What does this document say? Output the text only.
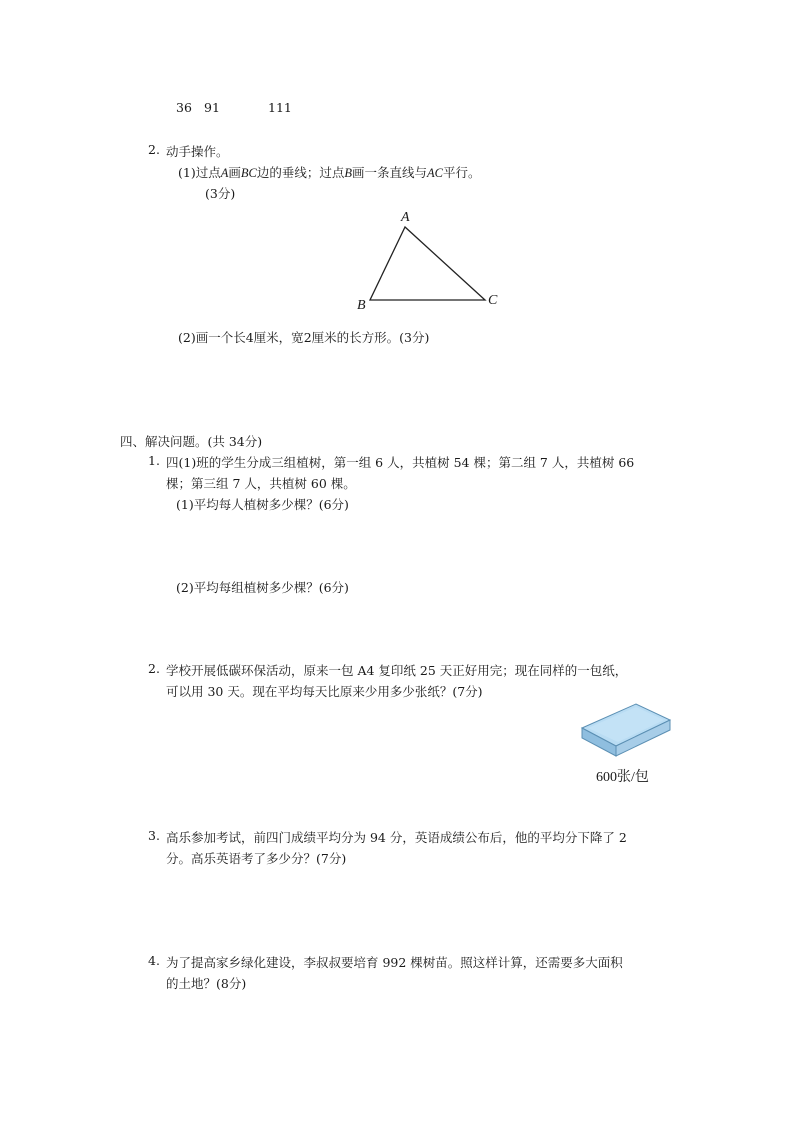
36 91	111
2. 动手操作。
(1)过点A画BC边的垂线；过点B画一条直线与AC平行。
(3分)
A
B	C
(2)画一个长4厘米，宽2厘米的长方形。(3分)
四、解决问题。(共 34分)
1. 四(1)班的学生分成三组植树，第一组 6 人，共植树 54 棵；第二组 7 人，共植树 66
棵；第三组 7 人，共植树 60 棵。
(1)平均每人植树多少棵？(6分)
(2)平均每组植树多少棵？(6分)
2. 学校开展低碳环保活动，原来一包 A4 复印纸 25 天正好用完；现在同样的一包纸，
可以用 30 天。现在平均每天比原来少用多少张纸？(7分)
600张/包
3. 高乐参加考试，前四门成绩平均分为 94 分，英语成绩公布后，他的平均分下降了 2
分。高乐英语考了多少分？(7分)
4. 为了提高家乡绿化建设，李叔叔要培育 992 棵树苗。照这样计算，还需要多大面积
的土地？(8分)
